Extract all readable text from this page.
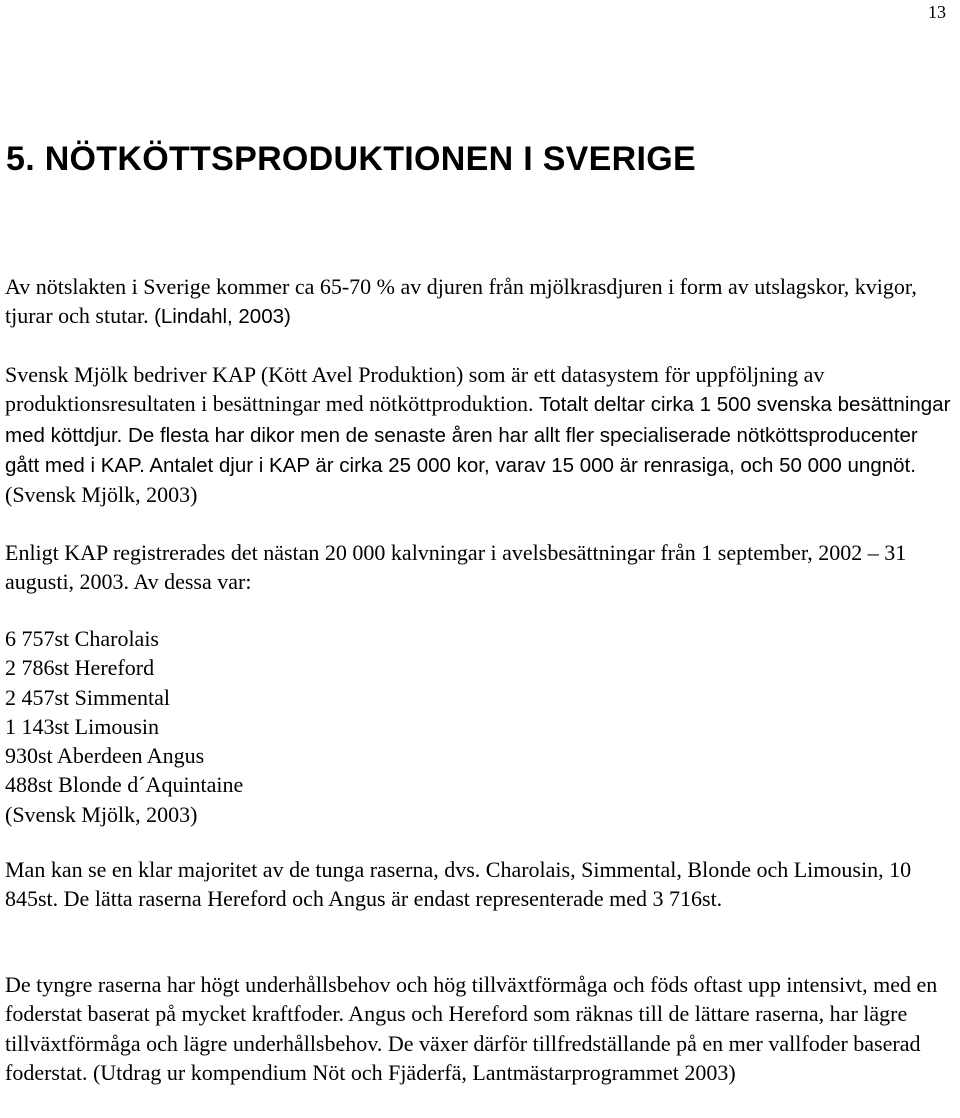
13
5. NÖTKÖTTSPRODUKTIONEN I SVERIGE

Av nötslakten i Sverige kommer ca 65-70 % av djuren från mjölkrasdjuren i form av utslagskor, kvigor, tjurar och stutar. (Lindahl, 2003)

Svensk Mjölk bedriver KAP (Kött Avel Produktion) som är ett datasystem för uppföljning av produktionsresultaten i besättningar med nötköttproduktion. Totalt deltar cirka 1 500 svenska besättningar med köttdjur. De flesta har dikor men de senaste åren har allt fler specialiserade nötköttsproducenter gått med i KAP. Antalet djur i KAP är cirka 25 000 kor, varav 15 000 är renrasiga, och 50 000 ungnöt. (Svensk Mjölk, 2003)

Enligt KAP registrerades det nästan 20 000 kalvningar i avelsbesättningar från 1 september, 2002 – 31 augusti, 2003. Av dessa var:

6 757st Charolais
2 786st Hereford
2 457st Simmental
1 143st Limousin
930st Aberdeen Angus
488st Blonde d´Aquintaine
(Svensk Mjölk, 2003)

Man kan se en klar majoritet av de tunga raserna, dvs. Charolais, Simmental, Blonde och Limousin, 10 845st. De lätta raserna Hereford och Angus är endast representerade med 3 716st.

De tyngre raserna har högt underhållsbehov och hög tillväxtförmåga och föds oftast upp intensivt, med en foderstat baserat på mycket kraftfoder. Angus och Hereford som räknas till de lättare raserna, har lägre tillväxtförmåga och lägre underhållsbehov. De växer därför tillfredställande på en mer vallfoder baserad foderstat. (Utdrag ur kompendium Nöt och Fjäderfä, Lantmästarprogrammet 2003)
